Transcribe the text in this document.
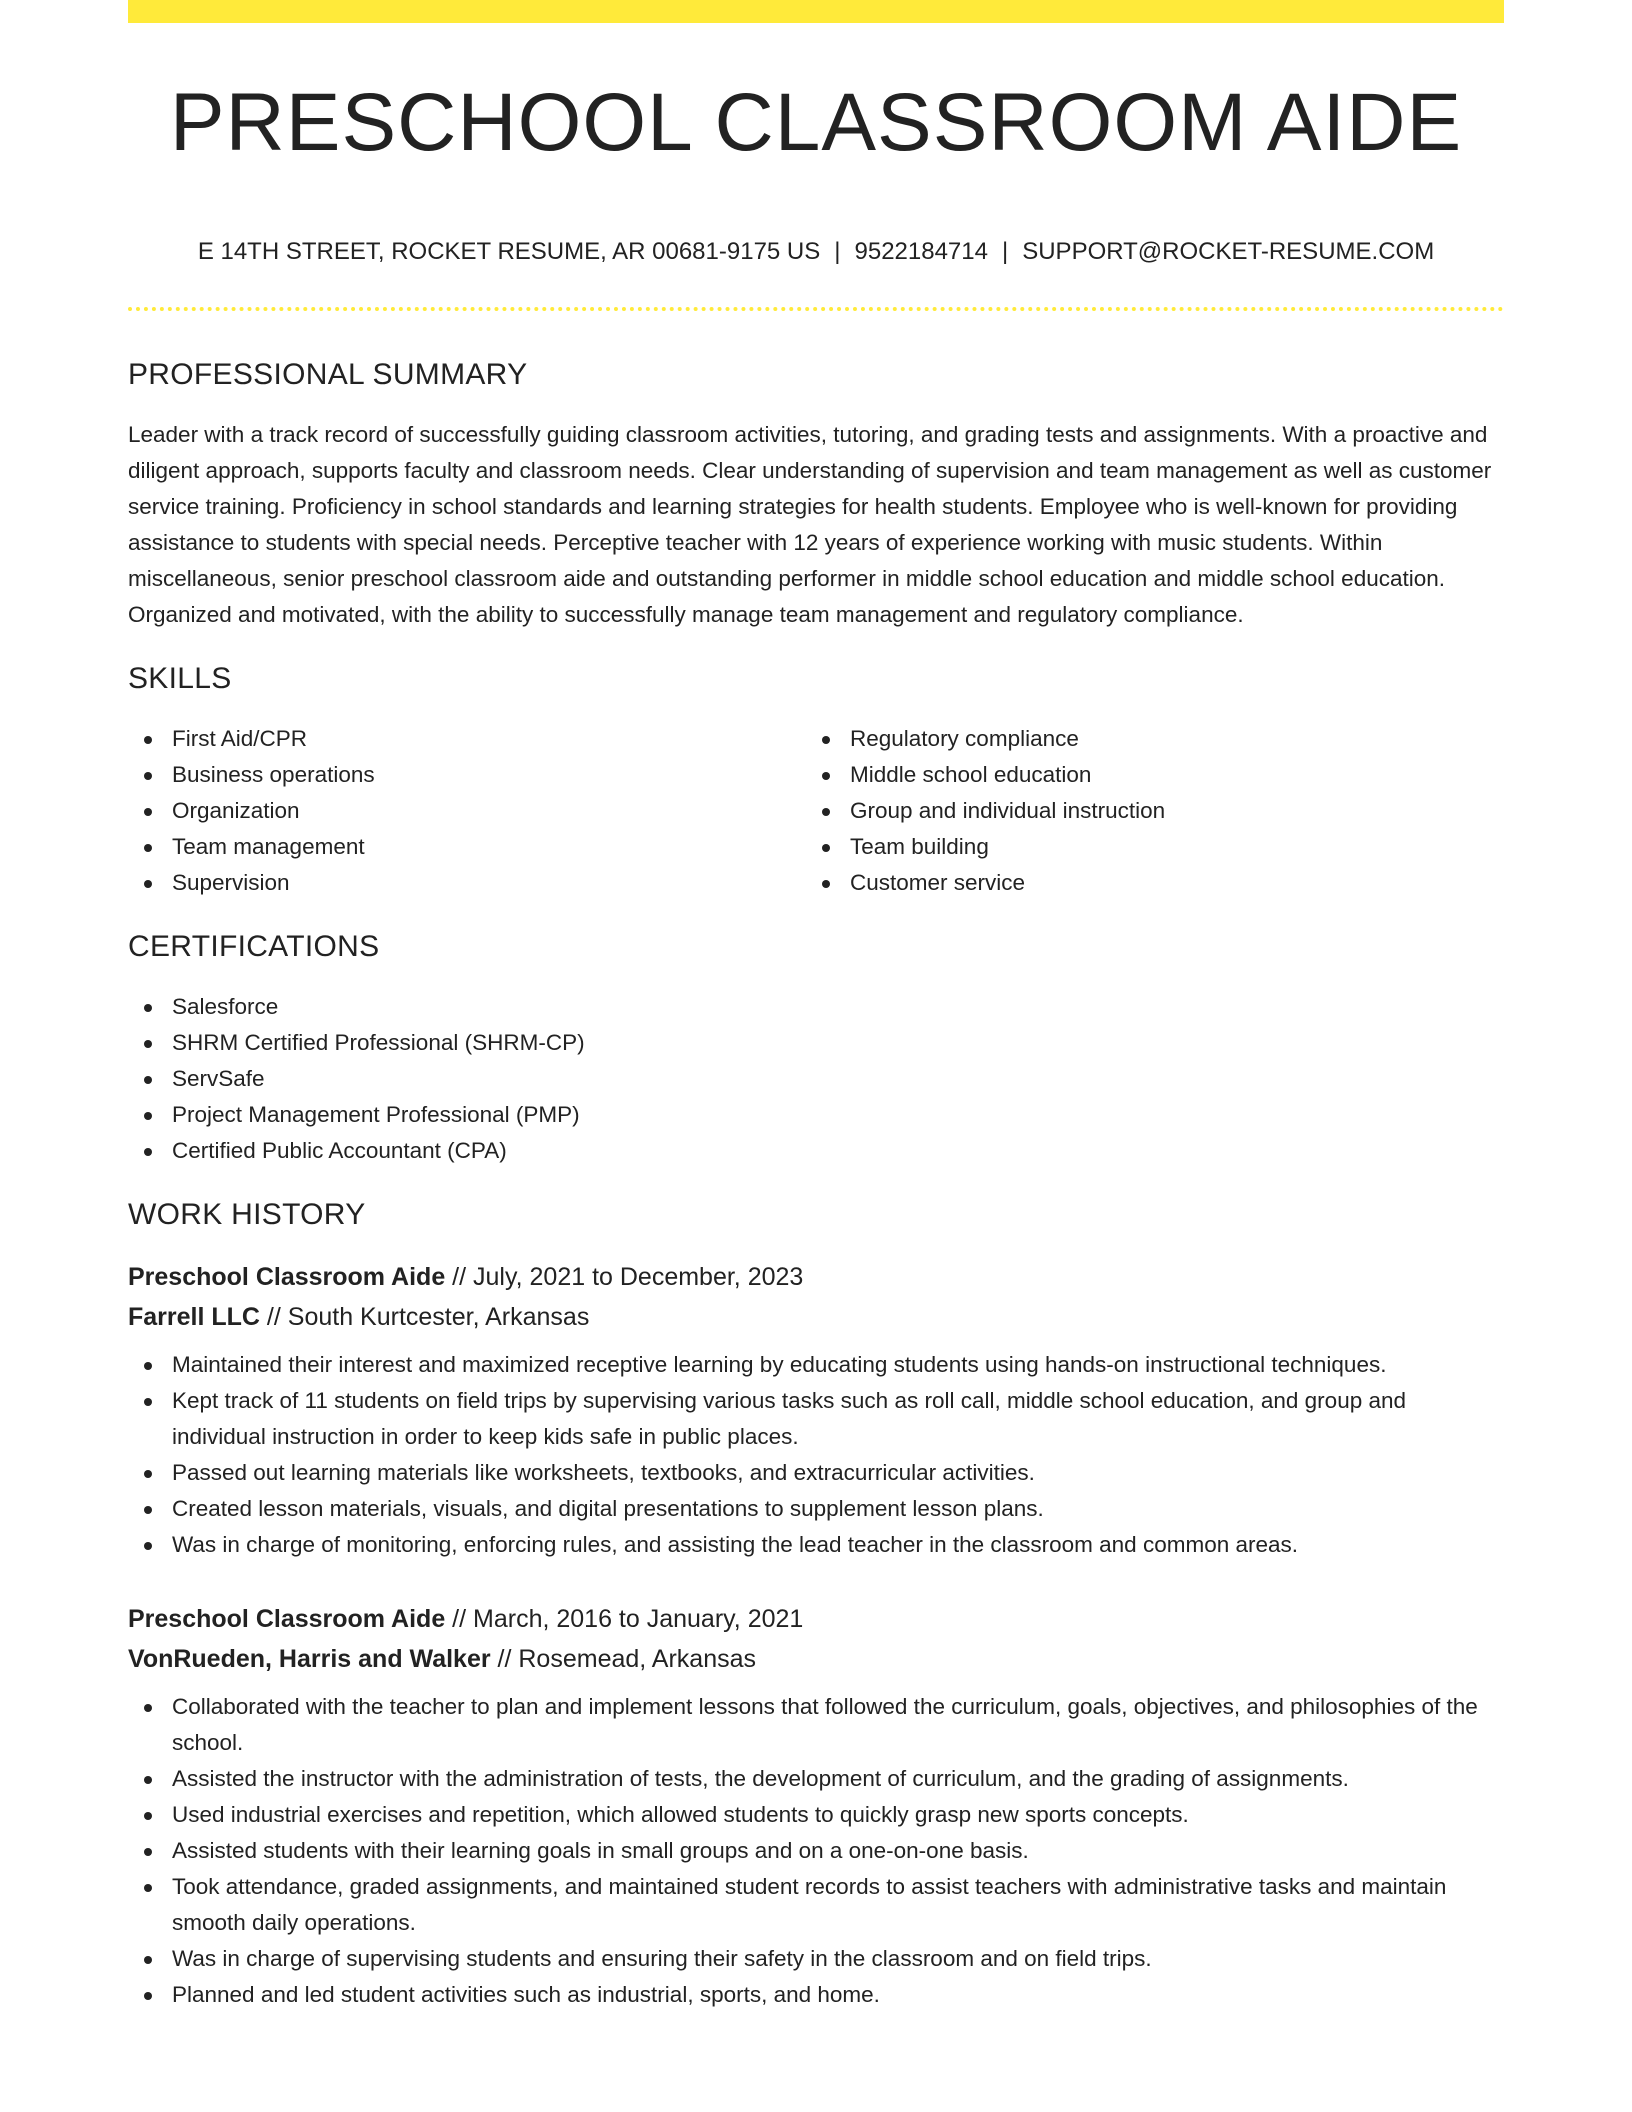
PRESCHOOL CLASSROOM AIDE
E 14TH STREET, ROCKET RESUME, AR 00681-9175 US | 9522184714 | SUPPORT@ROCKET-RESUME.COM
PROFESSIONAL SUMMARY

Leader with a track record of successfully guiding classroom activities, tutoring, and grading tests and assignments. With a proactive and diligent approach, supports faculty and classroom needs. Clear understanding of supervision and team management as well as customer service training. Proficiency in school standards and learning strategies for health students. Employee who is well-known for providing assistance to students with special needs. Perceptive teacher with 12 years of experience working with music students. Within miscellaneous, senior preschool classroom aide and outstanding performer in middle school education and middle school education. Organized and motivated, with the ability to successfully manage team management and regulatory compliance.

SKILLS
First Aid/CPR
Business operations
Organization
Team management
Supervision
Regulatory compliance
Middle school education
Group and individual instruction
Team building
Customer service
CERTIFICATIONS
Salesforce
SHRM Certified Professional (SHRM-CP)
ServSafe
Project Management Professional (PMP)
Certified Public Accountant (CPA)
WORK HISTORY
Preschool Classroom Aide // July, 2021 to December, 2023
Farrell LLC // South Kurtcester, Arkansas
Maintained their interest and maximized receptive learning by educating students using hands-on instructional techniques.
Kept track of 11 students on field trips by supervising various tasks such as roll call, middle school education, and group and individual instruction in order to keep kids safe in public places.
Passed out learning materials like worksheets, textbooks, and extracurricular activities.
Created lesson materials, visuals, and digital presentations to supplement lesson plans.
Was in charge of monitoring, enforcing rules, and assisting the lead teacher in the classroom and common areas.
Preschool Classroom Aide // March, 2016 to January, 2021
VonRueden, Harris and Walker // Rosemead, Arkansas
Collaborated with the teacher to plan and implement lessons that followed the curriculum, goals, objectives, and philosophies of the school.
Assisted the instructor with the administration of tests, the development of curriculum, and the grading of assignments.
Used industrial exercises and repetition, which allowed students to quickly grasp new sports concepts.
Assisted students with their learning goals in small groups and on a one-on-one basis.
Took attendance, graded assignments, and maintained student records to assist teachers with administrative tasks and maintain smooth daily operations.
Was in charge of supervising students and ensuring their safety in the classroom and on field trips.
Planned and led student activities such as industrial, sports, and home.
